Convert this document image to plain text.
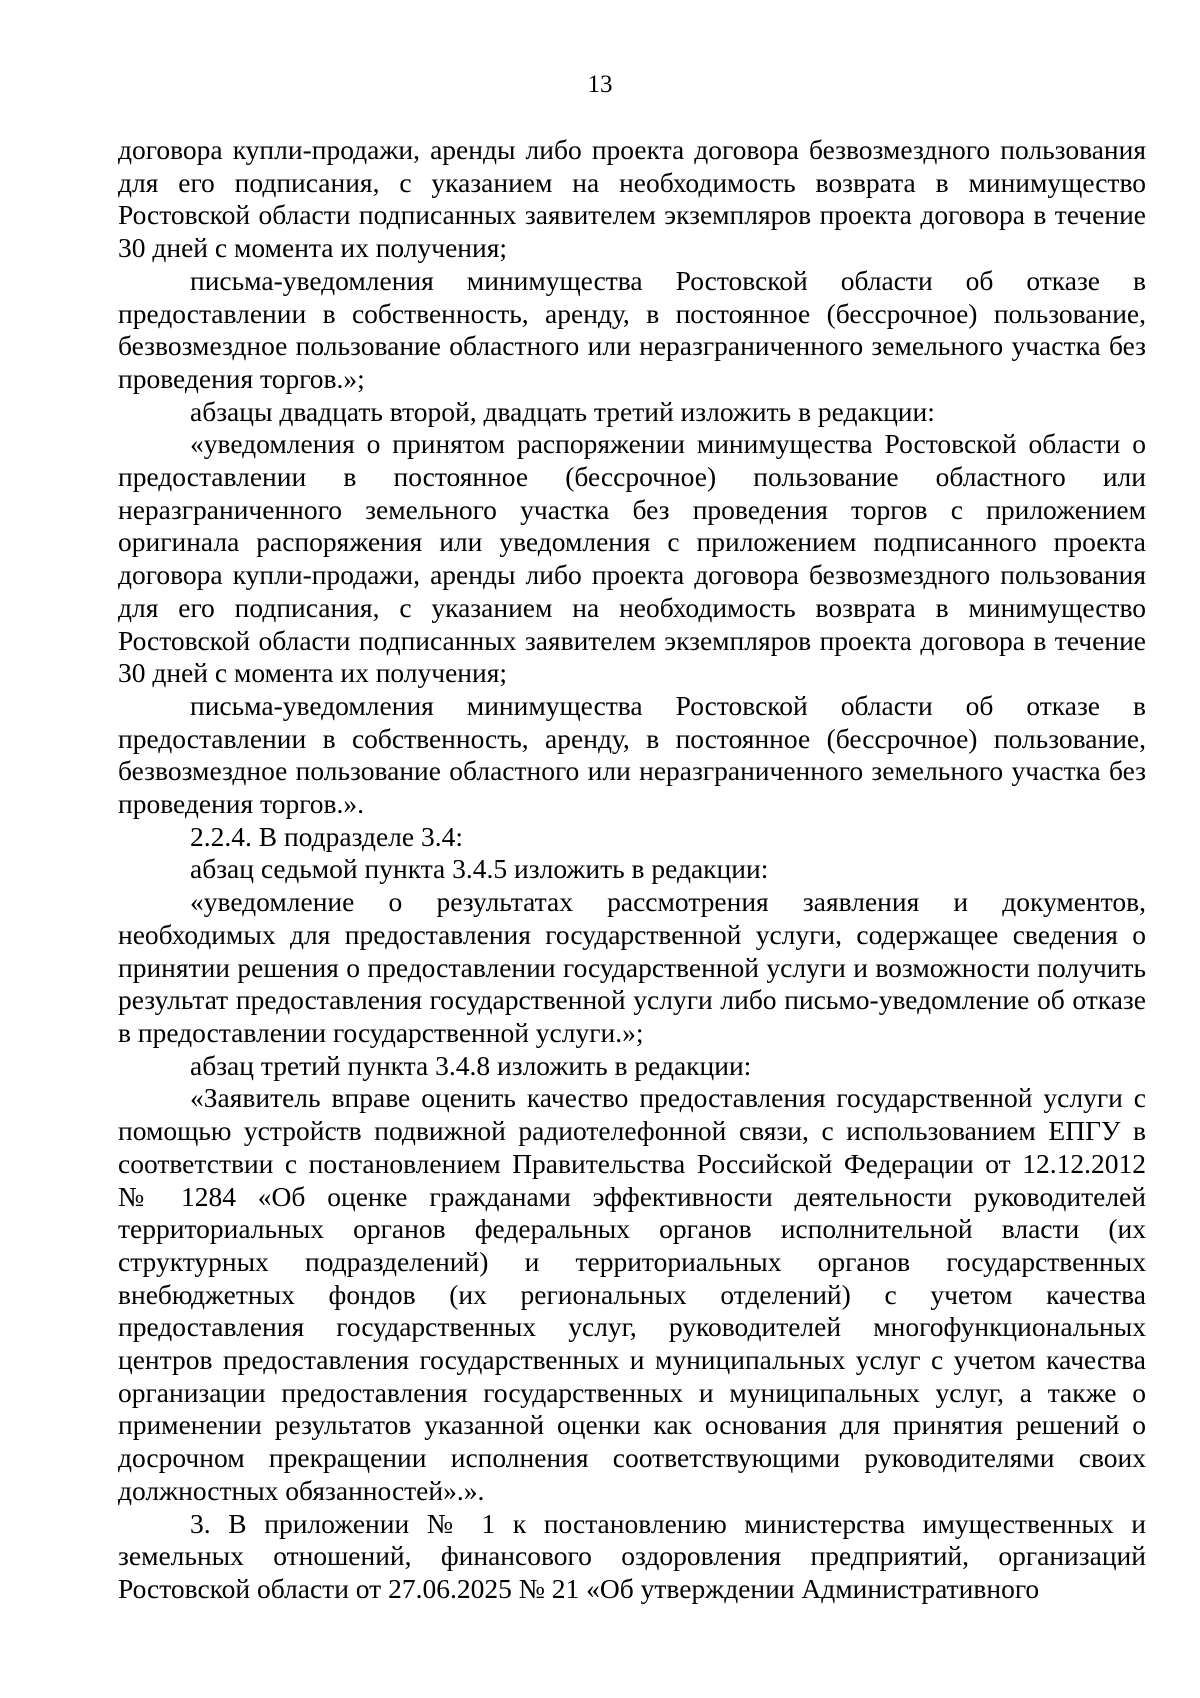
13

договора купли-продажи, аренды либо проекта договора безвозмездного пользования для его подписания, с указанием на необходимость возврата в минимущество Ростовской области подписанных заявителем экземпляров проекта договора в течение 30 дней с момента их получения;

письма-уведомления минимущества Ростовской области об отказе в предоставлении в собственность, аренду, в постоянное (бессрочное) пользование, безвозмездное пользование областного или неразграниченного земельного участка без проведения торгов.»;

абзацы двадцать второй, двадцать третий изложить в редакции:

«уведомления о принятом распоряжении минимущества Ростовской области о предоставлении в постоянное (бессрочное) пользование областного или неразграниченного земельного участка без проведения торгов с приложением оригинала распоряжения или уведомления с приложением подписанного проекта договора купли-продажи, аренды либо проекта договора безвозмездного пользования для его подписания, с указанием на необходимость возврата в минимущество Ростовской области подписанных заявителем экземпляров проекта договора в течение 30 дней с момента их получения;

письма-уведомления минимущества Ростовской области об отказе в предоставлении в собственность, аренду, в постоянное (бессрочное) пользование, безвозмездное пользование областного или неразграниченного земельного участка без проведения торгов.».

2.2.4. В подразделе 3.4:

абзац седьмой пункта 3.4.5 изложить в редакции:

«уведомление о результатах рассмотрения заявления и документов, необходимых для предоставления государственной услуги, содержащее сведения о принятии решения о предоставлении государственной услуги и возможности получить результат предоставления государственной услуги либо письмо-уведомление об отказе в предоставлении государственной услуги.»;

абзац третий пункта 3.4.8 изложить в редакции:

«Заявитель вправе оценить качество предоставления государственной услуги с помощью устройств подвижной радиотелефонной связи, с использованием ЕПГУ в соответствии с постановлением Правительства Российской Федерации от 12.12.2012 № 1284 «Об оценке гражданами эффективности деятельности руководителей территориальных органов федеральных органов исполнительной власти (их структурных подразделений) и территориальных органов государственных внебюджетных фондов (их региональных отделений) с учетом качества предоставления государственных услуг, руководителей многофункциональных центров предоставления государственных и муниципальных услуг с учетом качества организации предоставления государственных и муниципальных услуг, а также о применении результатов указанной оценки как основания для принятия решений о досрочном прекращении исполнения соответствующими руководителями своих должностных обязанностей».».

3. В приложении № 1 к постановлению министерства имущественных и земельных отношений, финансового оздоровления предприятий, организаций Ростовской области от 27.06.2025 № 21 «Об утверждении Административного
